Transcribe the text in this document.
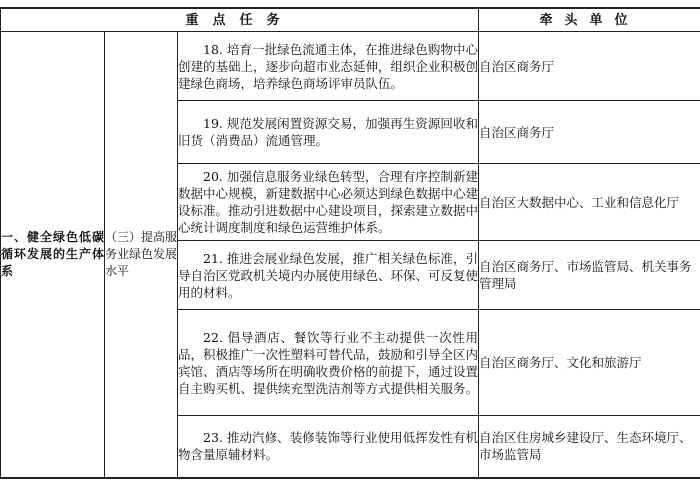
重点任务			牵头单位
一、健全绿色低碳循环发展的生产体系	（三）提高服务业绿色发展水平	18. 培育一批绿色流通主体，在推进绿色购物中心创建的基础上，逐步向超市业态延伸，组织企业积极创建绿色商场，培养绿色商场评审员队伍。	自治区商务厅
		19. 规范发展闲置资源交易，加强再生资源回收和旧货（消费品）流通管理。	自治区商务厅
		20. 加强信息服务业绿色转型，合理有序控制新建数据中心规模，新建数据中心必须达到绿色数据中心建设标准。推动引进数据中心建设项目，探索建立数据中心统计调度制度和绿色运营维护体系。	自治区大数据中心、工业和信息化厅
		21. 推进会展业绿色发展，推广相关绿色标准，引导自治区党政机关境内办展使用绿色、环保、可反复使用的材料。	自治区商务厅、市场监管局、机关事务管理局
		22. 倡导酒店、餐饮等行业不主动提供一次性用品，积极推广一次性塑料可替代品，鼓励和引导全区内宾馆、酒店等场所在明确收费价格的前提下，通过设置自主购买机、提供续充型洗洁剂等方式提供相关服务。	自治区商务厅、文化和旅游厅
		23. 推动汽修、装修装饰等行业使用低挥发性有机物含量原辅材料。	自治区住房城乡建设厅、生态环境厅、市场监管局
